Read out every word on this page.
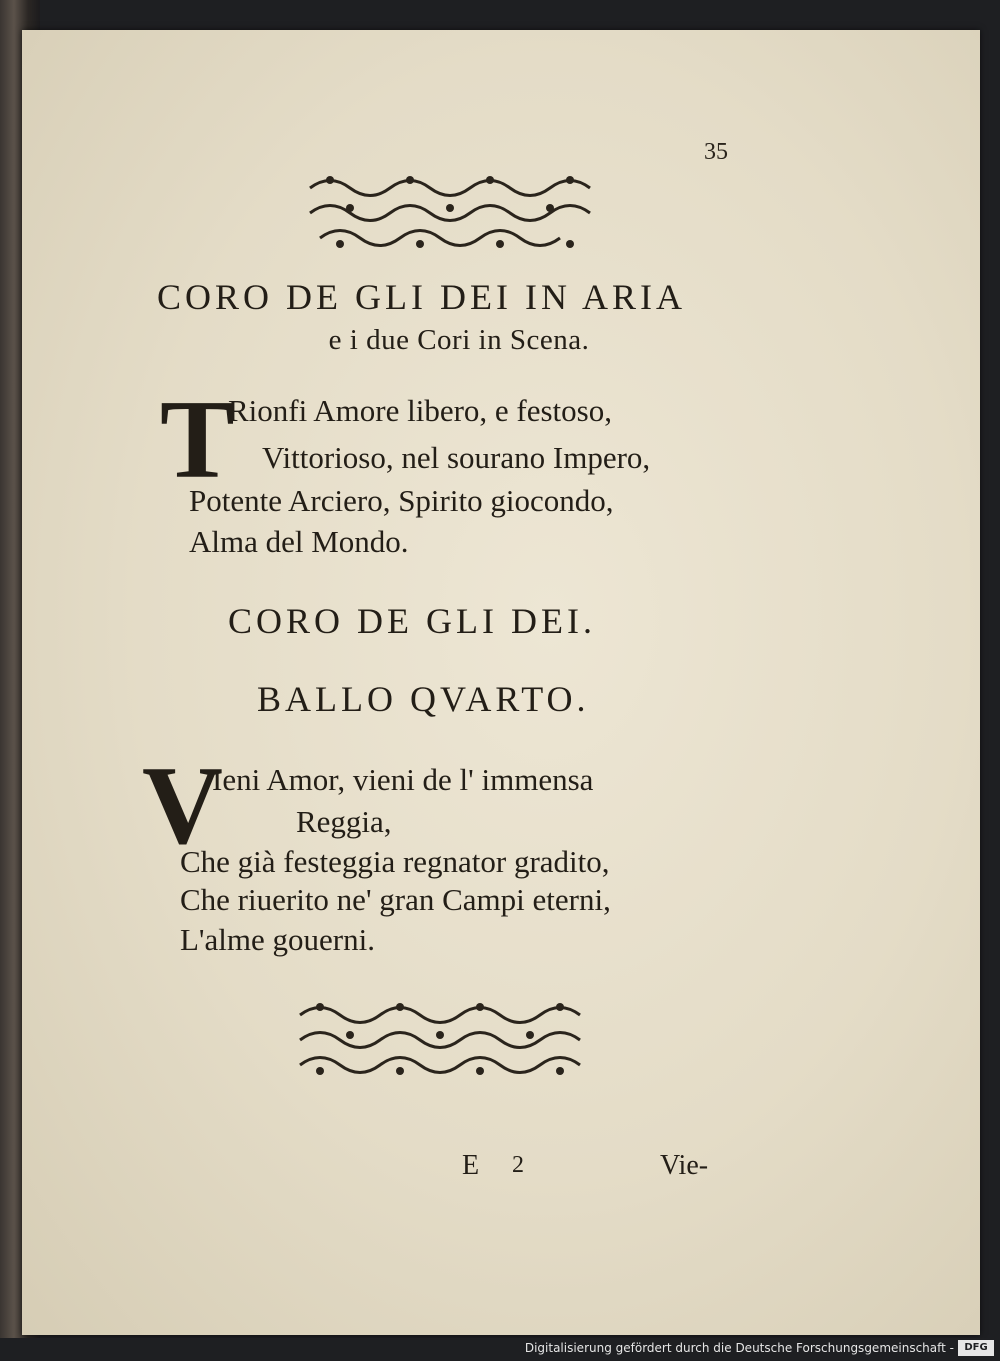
35
CORO DE GLI DEI IN ARIA
e i due Cori in Scena.
T
Rionfi Amore libero, e festoso,
Vittorioso, nel sourano Impero,
Potente Arciero, Spirito giocondo,
Alma del Mondo.
CORO DE GLI DEI.
BALLO QVARTO.
V
Ieni Amor, vieni de l' immensa
Reggia,
Che già festeggia regnator gradito,
Che riuerito ne' gran Campi eterni,
L'alme gouerni.
E 2	Vie-
Digitalisierung gefördert durch die Deutsche Forschungsgemeinschaft -	DFG
